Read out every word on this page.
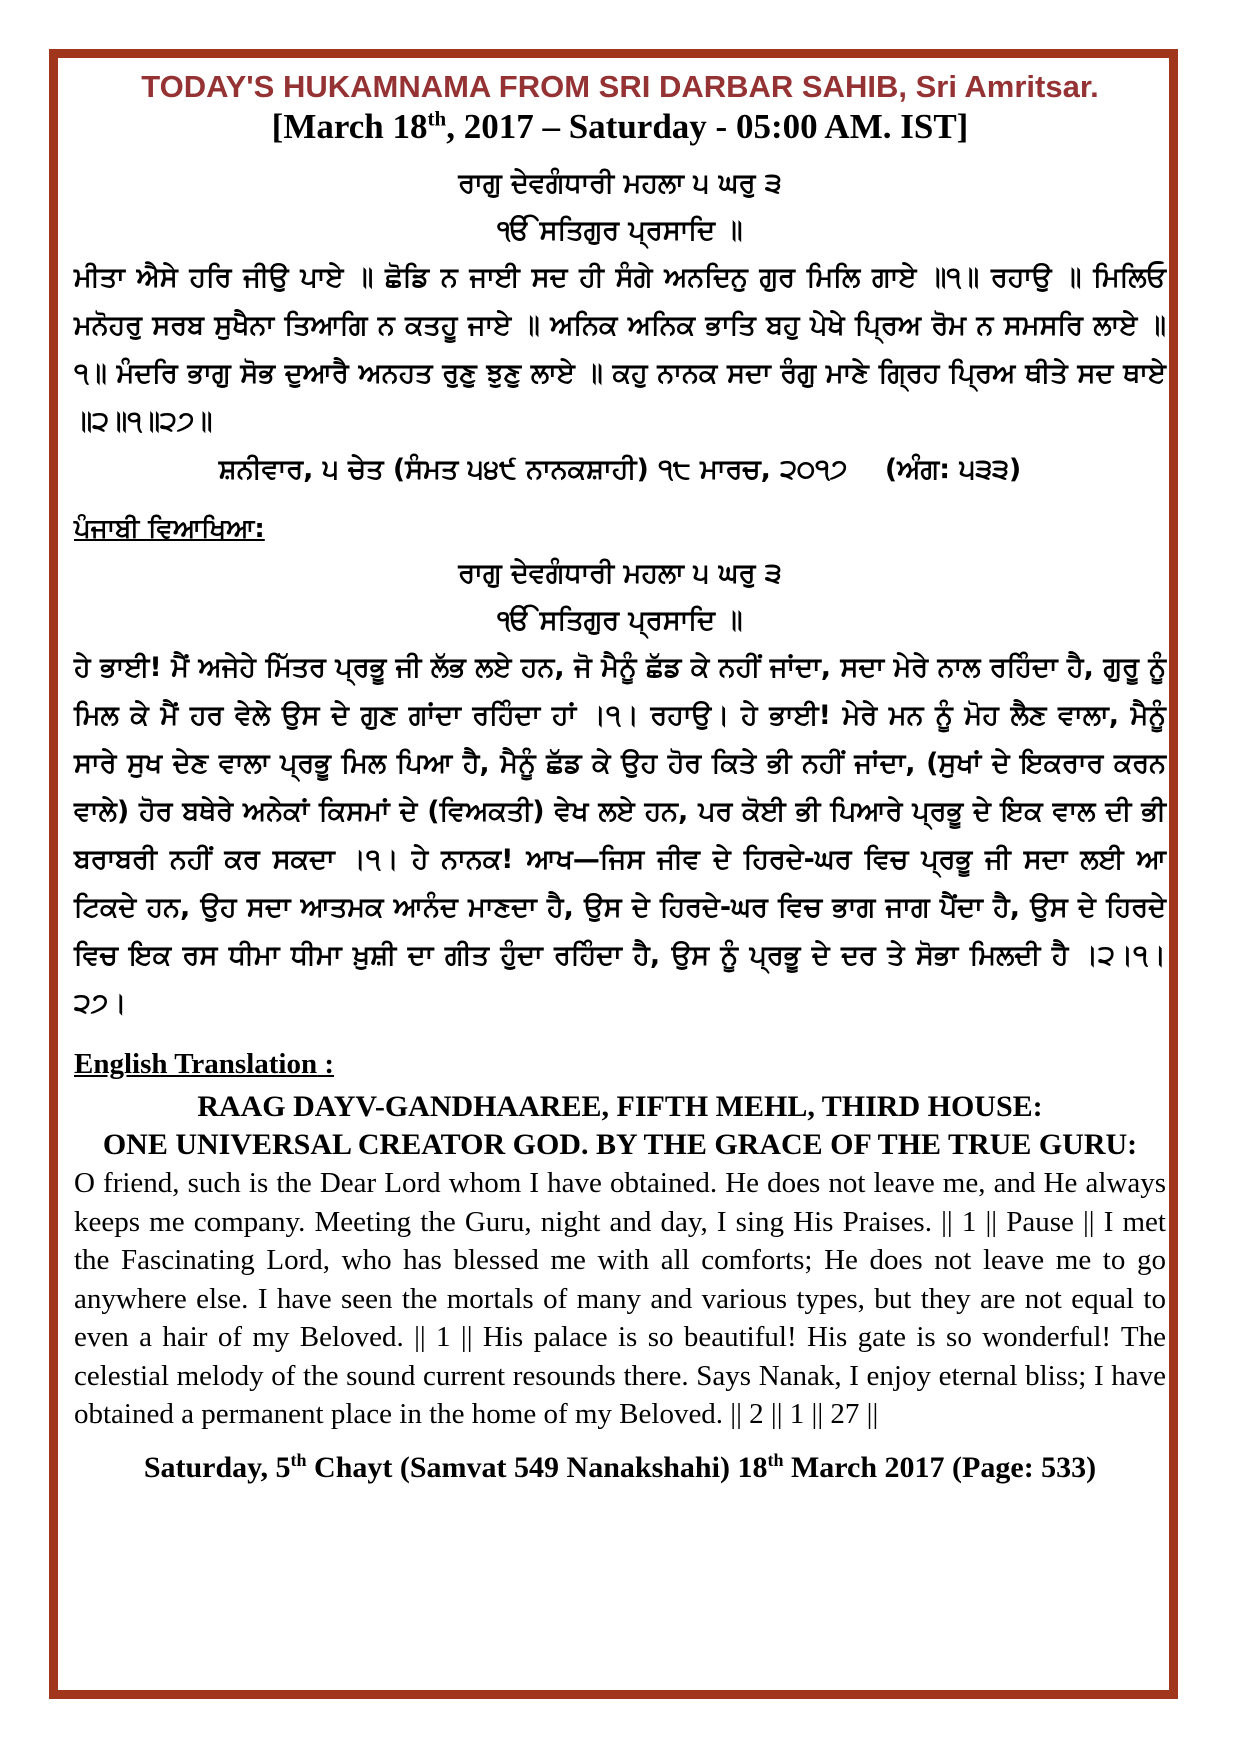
TODAY'S HUKAMNAMA FROM SRI DARBAR SAHIB, Sri Amritsar.

[March 18th, 2017 – Saturday - 05:00 AM. IST]

ਰਾਗੁ ਦੇਵਗੰਧਾਰੀ ਮਹਲਾ ੫ ਘਰੁ ੩

ੴ ਸਤਿਗੁਰ ਪ੍ਰਸਾਦਿ ॥

ਮੀਤਾ ਐਸੇ ਹਰਿ ਜੀਉ ਪਾਏ ॥ ਛੋਡਿ ਨ ਜਾਈ ਸਦ ਹੀ ਸੰਗੇ ਅਨਦਿਨੁ ਗੁਰ ਮਿਲਿ ਗਾਏ ॥੧॥ ਰਹਾਉ ॥ ਮਿਲਿਓ ਮਨੋਹਰੁ ਸਰਬ ਸੁਖੈਨਾ ਤਿਆਗਿ ਨ ਕਤਹੂ ਜਾਏ ॥ ਅਨਿਕ ਅਨਿਕ ਭਾਤਿ ਬਹੁ ਪੇਖੇ ਪ੍ਰਿਅ ਰੋਮ ਨ ਸਮਸਰਿ ਲਾਏ ॥੧॥ ਮੰਦਰਿ ਭਾਗੁ ਸੋਭ ਦੁਆਰੈ ਅਨਹਤ ਰੁਣੁ ਝੁਣੁ ਲਾਏ ॥ ਕਹੁ ਨਾਨਕ ਸਦਾ ਰੰਗੁ ਮਾਣੇ ਗ੍ਰਿਹ ਪ੍ਰਿਅ ਥੀਤੇ ਸਦ ਥਾਏ ॥੨॥੧॥੨੭॥

ਸ਼ਨੀਵਾਰ, ੫ ਚੇਤ (ਸੰਮਤ ੫੪੯ ਨਾਨਕਸ਼ਾਹੀ) ੧੮ ਮਾਰਚ, ੨੦੧੭ (ਅੰਗ: ੫੩੩)

ਪੰਜਾਬੀ ਵਿਆਖਿਆ:

ਰਾਗੁ ਦੇਵਗੰਧਾਰੀ ਮਹਲਾ ੫ ਘਰੁ ੩

ੴ ਸਤਿਗੁਰ ਪ੍ਰਸਾਦਿ ॥

ਹੇ ਭਾਈ! ਮੈਂ ਅਜੇਹੇ ਮਿੱਤਰ ਪ੍ਰਭੂ ਜੀ ਲੱਭ ਲਏ ਹਨ, ਜੋ ਮੈਨੂੰ ਛੱਡ ਕੇ ਨਹੀਂ ਜਾਂਦਾ, ਸਦਾ ਮੇਰੇ ਨਾਲ ਰਹਿੰਦਾ ਹੈ, ਗੁਰੂ ਨੂੰ ਮਿਲ ਕੇ ਮੈਂ ਹਰ ਵੇਲੇ ਉਸ ਦੇ ਗੁਣ ਗਾਂਦਾ ਰਹਿੰਦਾ ਹਾਂ ।੧। ਰਹਾਉ। ਹੇ ਭਾਈ! ਮੇਰੇ ਮਨ ਨੂੰ ਮੋਹ ਲੈਣ ਵਾਲਾ, ਮੈਨੂੰ ਸਾਰੇ ਸੁਖ ਦੇਣ ਵਾਲਾ ਪ੍ਰਭੂ ਮਿਲ ਪਿਆ ਹੈ, ਮੈਨੂੰ ਛੱਡ ਕੇ ਉਹ ਹੋਰ ਕਿਤੇ ਭੀ ਨਹੀਂ ਜਾਂਦਾ, (ਸੁਖਾਂ ਦੇ ਇਕਰਾਰ ਕਰਨ ਵਾਲੇ) ਹੋਰ ਬਥੇਰੇ ਅਨੇਕਾਂ ਕਿਸਮਾਂ ਦੇ (ਵਿਅਕਤੀ) ਵੇਖ ਲਏ ਹਨ, ਪਰ ਕੋਈ ਭੀ ਪਿਆਰੇ ਪ੍ਰਭੂ ਦੇ ਇਕ ਵਾਲ ਦੀ ਭੀ ਬਰਾਬਰੀ ਨਹੀਂ ਕਰ ਸਕਦਾ ।੧। ਹੇ ਨਾਨਕ! ਆਖ—ਜਿਸ ਜੀਵ ਦੇ ਹਿਰਦੇ-ਘਰ ਵਿਚ ਪ੍ਰਭੂ ਜੀ ਸਦਾ ਲਈ ਆ ਟਿਕਦੇ ਹਨ, ਉਹ ਸਦਾ ਆਤਮਕ ਆਨੰਦ ਮਾਣਦਾ ਹੈ, ਉਸ ਦੇ ਹਿਰਦੇ-ਘਰ ਵਿਚ ਭਾਗ ਜਾਗ ਪੈਂਦਾ ਹੈ, ਉਸ ਦੇ ਹਿਰਦੇ ਵਿਚ ਇਕ ਰਸ ਧੀਮਾ ਧੀਮਾ ਖ਼ੁਸ਼ੀ ਦਾ ਗੀਤ ਹੁੰਦਾ ਰਹਿੰਦਾ ਹੈ, ਉਸ ਨੂੰ ਪ੍ਰਭੂ ਦੇ ਦਰ ਤੇ ਸੋਭਾ ਮਿਲਦੀ ਹੈ ।੨।੧।੨੭।

English Translation :

RAAG DAYV-GANDHAAREE, FIFTH MEHL, THIRD HOUSE:

ONE UNIVERSAL CREATOR GOD. BY THE GRACE OF THE TRUE GURU:

O friend, such is the Dear Lord whom I have obtained. He does not leave me, and He always keeps me company. Meeting the Guru, night and day, I sing His Praises. || 1 || Pause || I met the Fascinating Lord, who has blessed me with all comforts; He does not leave me to go anywhere else. I have seen the mortals of many and various types, but they are not equal to even a hair of my Beloved. || 1 || His palace is so beautiful! His gate is so wonderful! The celestial melody of the sound current resounds there. Says Nanak, I enjoy eternal bliss; I have obtained a permanent place in the home of my Beloved. || 2 || 1 || 27 ||

Saturday, 5th Chayt (Samvat 549 Nanakshahi) 18th March 2017 (Page: 533)
